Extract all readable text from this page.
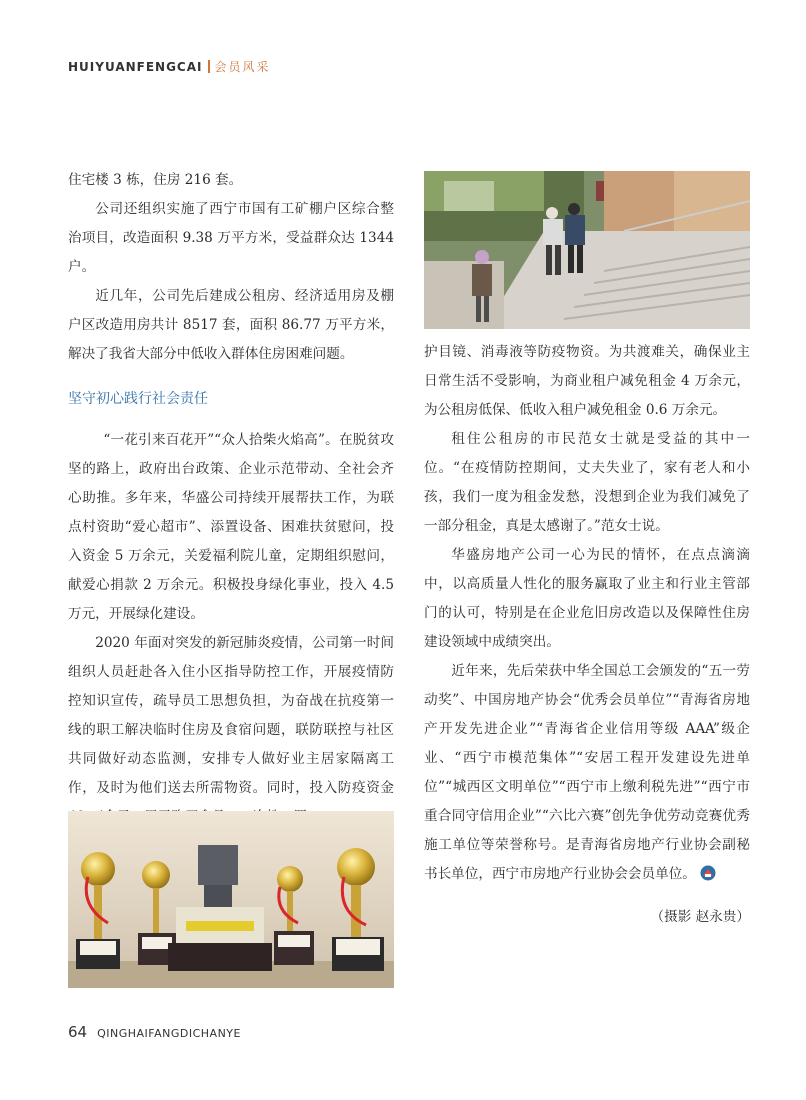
HUIYUANFENGCAI 会员风采

住宅楼 3 栋，住房 216 套。

公司还组织实施了西宁市国有工矿棚户区综合整治项目，改造面积 9.38 万平方米，受益群众达 1344 户。

近几年，公司先后建成公租房、经济适用房及棚户区改造用房共计 8517 套，面积 86.77 万平方米，解决了我省大部分中低收入群体住房困难问题。

坚守初心践行社会责任

“一花引来百花开”“众人拾柴火焰高”。在脱贫攻坚的路上，政府出台政策、企业示范带动、全社会齐心助推。多年来，华盛公司持续开展帮扶工作，为联点村资助“爱心超市”、添置设备、困难扶贫慰问，投入资金 5 万余元，关爱福利院儿童，定期组织慰问，献爱心捐款 2 万余元。积极投身绿化事业，投入 4.5 万元，开展绿化建设。

2020 年面对突发的新冠肺炎疫情，公司第一时间组织人员赶赴各入住小区指导防控工作，开展疫情防控知识宣传，疏导员工思想负担，为奋战在抗疫第一线的职工解决临时住房及食宿问题，联防联控与社区共同做好动态监测，安排专人做好业主居家隔离工作，及时为他们送去所需物资。同时，投入防疫资金

护目镜、消毒液等防疫物资。为共渡难关，确保业主日常生活不受影响，为商业租户减免租金 4 万余元，为公租房低保、低收入租户减免租金 0.6 万余元。

租住公租房的市民范女士就是受益的其中一位。“在疫情防控期间，丈夫失业了，家有老人和小孩，我们一度为租金发愁，没想到企业为我们减免了一部分租金，真是太感谢了。”范女士说。

华盛房地产公司一心为民的情怀，在点点滴滴中，以高质量人性化的服务赢取了业主和行业主管部门的认可，特别是在企业危旧房改造以及保障性住房建设领域中成绩突出。

近年来，先后荣获中华全国总工会颁发的“五一劳动奖”、中国房地产协会“优秀会员单位”“青海省房地产开发先进企业”“青海省企业信用等级 AAA”级企业、“西宁市模范集体”“安居工程开发建设先进单位”“城西区文明单位”“西宁市上缴利税先进”“西宁市重合同守信用企业”“六比六赛”创先争优劳动竞赛优秀施工单位等荣誉称号。是青海省房地产行业协会副秘书长单位，西宁市房地产行业协会会员单位。

（摄影 赵永贵）

64 QINGHAIFANGDICHANYE
